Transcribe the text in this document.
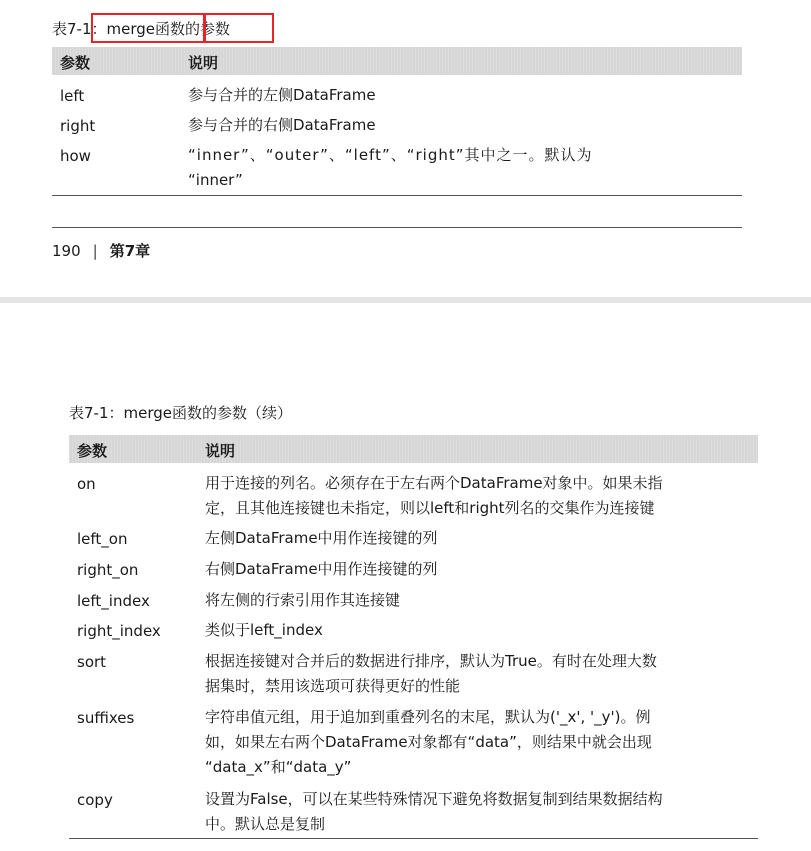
表7-1：merge函数的参数
参数	说明
left	参与合并的左侧DataFrame
right	参与合并的右侧DataFrame
how	“inner”、“outer”、“left”、“right”其中之一。默认为
“inner”
190 | 第7章
表7-1：merge函数的参数（续）
参数	说明
on	用于连接的列名。必须存在于左右两个DataFrame对象中。如果未指
定，且其他连接键也未指定，则以left和right列名的交集作为连接键
left_on	左侧DataFrame中用作连接键的列
right_on	右侧DataFrame中用作连接键的列
left_index	将左侧的行索引用作其连接键
right_index	类似于left_index
sort	根据连接键对合并后的数据进行排序，默认为True。有时在处理大数
据集时，禁用该选项可获得更好的性能
suffixes	字符串值元组，用于追加到重叠列名的末尾，默认为('_x', '_y')。例
如，如果左右两个DataFrame对象都有“data”，则结果中就会出现
“data_x”和“data_y”
copy	设置为False，可以在某些特殊情况下避免将数据复制到结果数据结构
中。默认总是复制
